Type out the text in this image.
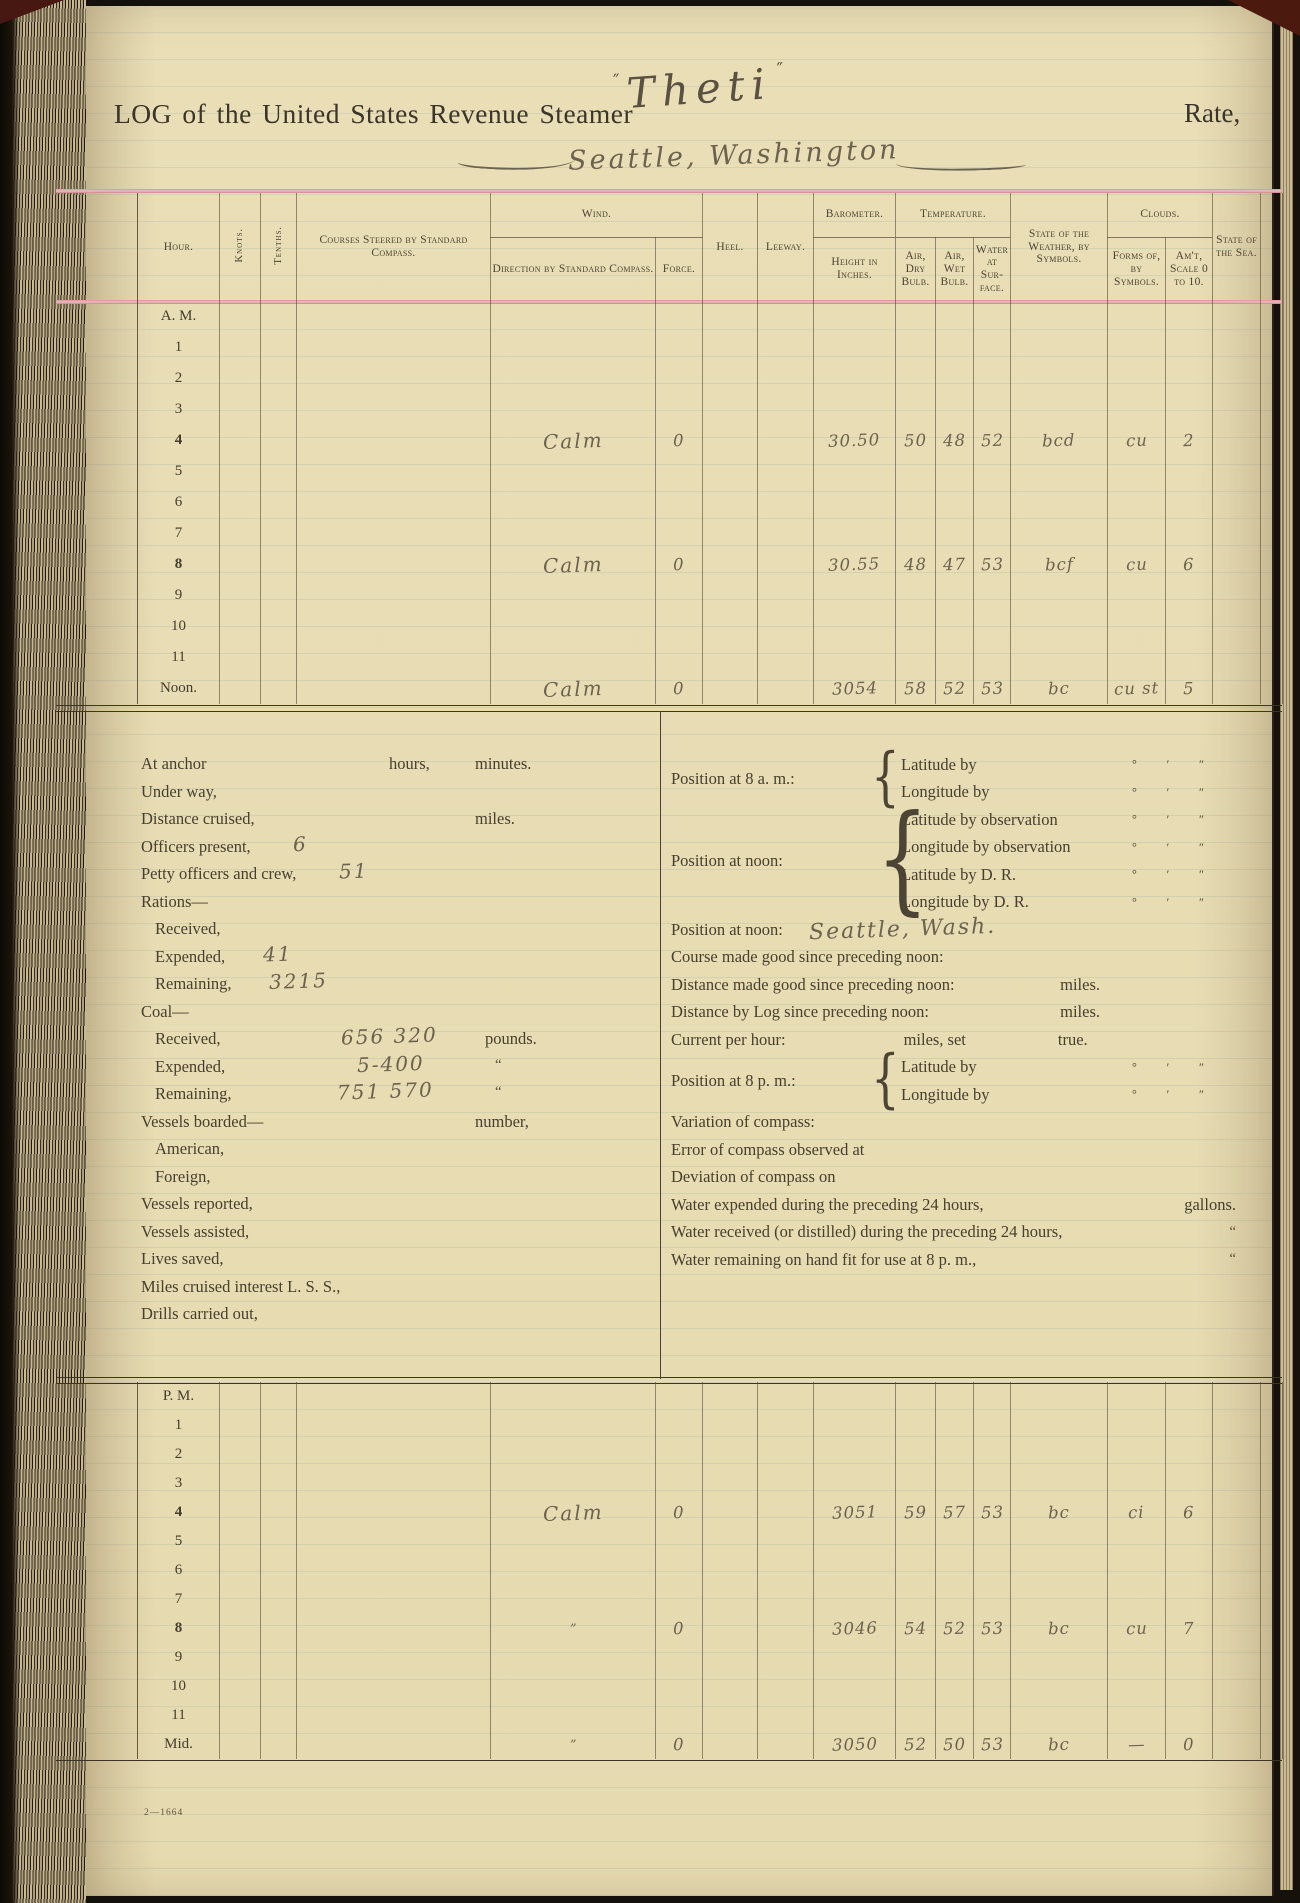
LOG of the United States Revenue Steamer	Rate,
″ Theti ″
Seattle, Washington
Hour.	Knots.	Tenths.	Courses Steered by Standard Compass.	Wind.		Heel.	Leeway.	Barometer.	Temperature.			State of the Weather, by Symbols.	Clouds.		State of the Sea.	
				Direction by Standard Compass.	Force.			Height in Inches.	Air, Dry Bulb.	Air, Wet Bulb.	Water at Sur-face.		Forms of, by Symbols.	Am't, Scale 0 to 10.		

A. M.																

1																

2																

3																

4				Calm	0			30.50	50	48	52	bcd	cu	2		

5																

6																

7																

8				Calm	0			30.55	48	47	53	bcf	cu	6		

9																

10																

11																

Noon.				Calm	0			3054	58	52	53	bc	cu st	5		
At anchor	hours,	minutes.
Under way,
Distance cruised,	miles.
Officers present, 6
Petty officers and crew, 51
Rations—
Received,
Expended, 41
Remaining, 3215
Coal—
Received,	656 320	pounds.
Expended,	5-400	“
Remaining,	751 570	“
Vessels boarded—	number,
American,
Foreign,
Vessels reported,
Vessels assisted,
Lives saved,
Miles cruised interest L. S. S.,
Drills carried out,
Position at 8 a. m.: { Latitude by	° ′ ″
Longitude by	° ′ ″
Position at noon: {
Latitude by observation	° ′ ″
Longitude by observation	° ′ ″
Latitude by D. R.	° ′ ″
Longitude by D. R.	° ′ ″
Position at noon: Seattle, Wash.
Course made good since preceding noon:
Distance made good since preceding noon:	miles.
Distance by Log since preceding noon:	miles.
Current per hour:	miles, set	true.
Position at 8 p. m.: { Latitude by	° ′ ″
Longitude by	° ′ ″
Variation of compass:
Error of compass observed at
Deviation of compass on
Water expended during the preceding 24 hours,	gallons.
Water received (or distilled) during the preceding 24 hours,	“
Water remaining on hand fit for use at 8 p. m.,	“
P. M.																

1																

2																

3																

4				Calm	0			3051	59	57	53	bc	ci	6		

5																

6																

7																

8				”	0			3046	54	52	53	bc	cu	7		

9																

10																

11																

Mid.				”	0			3050	52	50	53	bc	—	0		
2—1664
